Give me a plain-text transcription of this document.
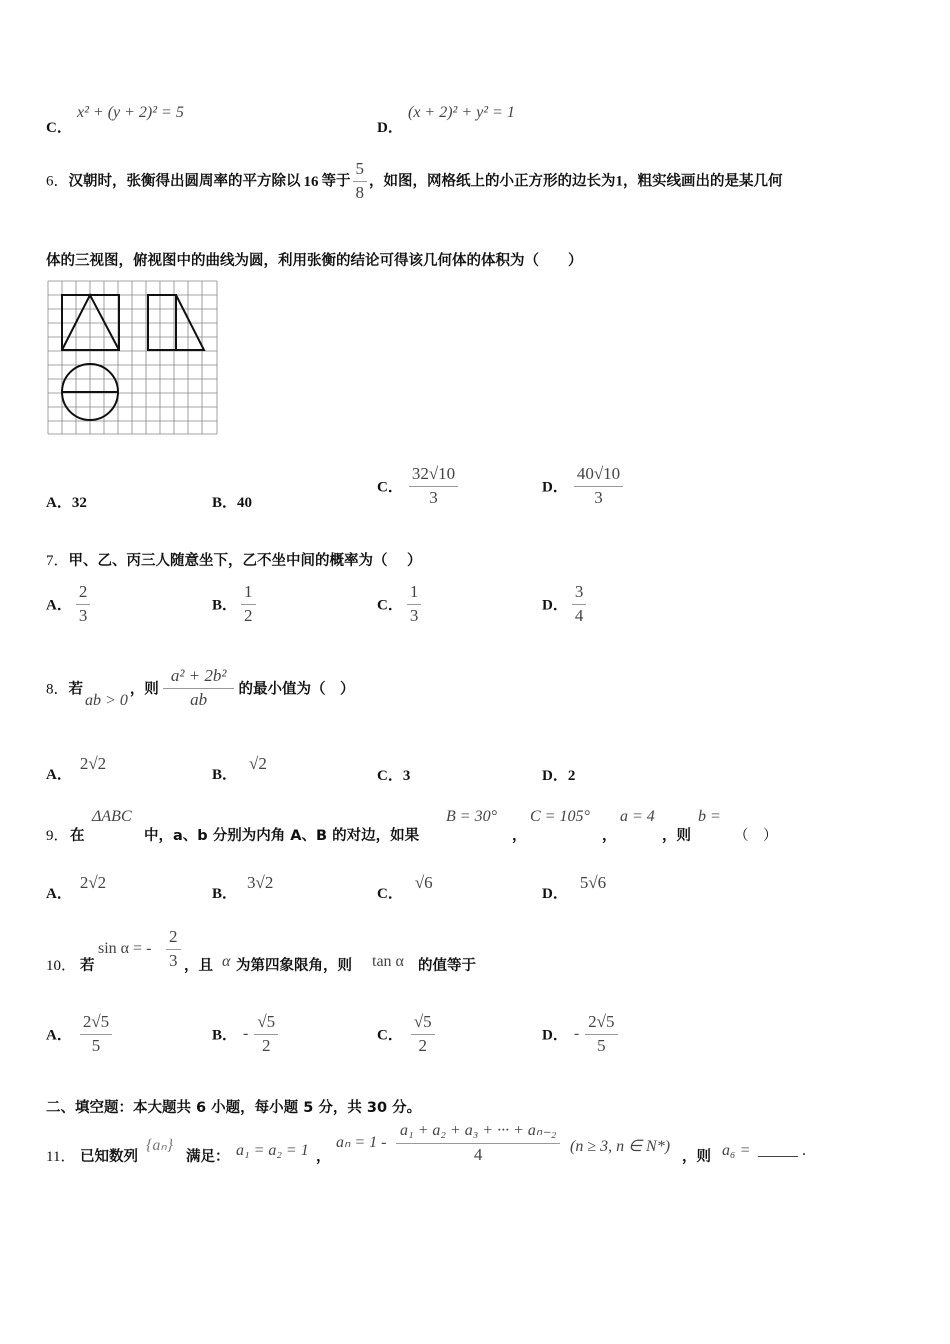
C．
x² + (y + 2)² = 5
D．
(x + 2)² + y² = 1
6．汉朝时，张衡得出圆周率的平方除以 16 等于 $\frac{5}{8}$ ，如图，网格纸上的小正方形的边长为1，粗实线画出的是某几何
体的三视图，俯视图中的曲线为圆，利用张衡的结论可得该几何体的体积为（　　）
A．32	B．40
C． $\frac{32√10}{3}$	D． $\frac{40√10}{3}$
7．甲、乙、丙三人随意坐下，乙不坐中间的概率为（　 ）
A． $\frac{2}{3}$	B． $\frac{1}{2}$	C． $\frac{1}{3}$	D． $\frac{3}{4}$
8．若ab > 0，则 $\frac{\text{a² + 2b²}}{ab}$ 的最小值为（　）
A．2√2
B．√2
C．3	D．2
9． 在
ΔABC
中，a、b 分别为内角 A、B 的对边，如果
B = 30°
，
C = 105°
，
a = 4
，则
b =
（　）
A．2√2
B．3√2
C．√6
D．5√6
10． 若
sin α = - $\frac{2}{3}$ ，且 α 为第四象限角，则 tan α 的值等于
A． $\frac{2√5}{5}$	B． - $\frac{√5}{2}$	C． $\frac{√5}{2}$	D． - $\frac{2√5}{5}$
二、填空题：本大题共 6 小题，每小题 5 分，共 30 分。
11． 已知数列
{aₙ}
满足： a₁ = a₂ = 1 ，
$a_n = 1 - \frac{\text{a₁ + a₂ + a₃ + ··· + aₙ₋₂}}{4} (n \ge 3$, n ∈ N*)
，则 a₆ = _____ .
